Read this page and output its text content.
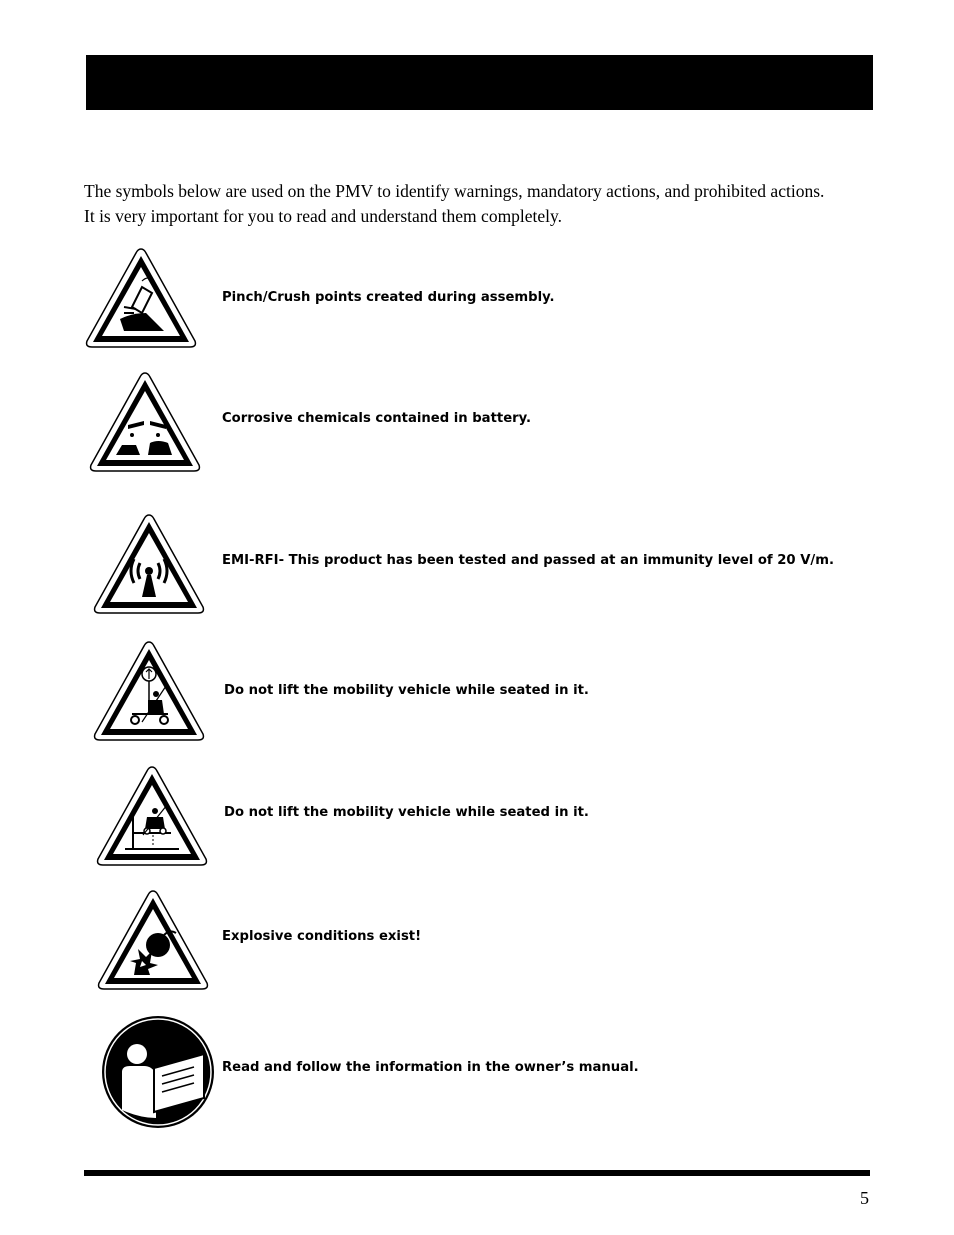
The symbols below are used on the PMV to identify warnings, mandatory actions, and prohibited actions.
It is very important for you to read and understand them completely.

Pinch/Crush points created during assembly.
Corrosive chemicals contained in battery.
EMI-RFI- This product has been tested and passed at an immunity level of 20 V/m.
Do not lift the mobility vehicle while seated in it.
Do not lift the mobility vehicle while seated in it.
Explosive conditions exist!
Read and follow the information in the owner’s manual.
5
